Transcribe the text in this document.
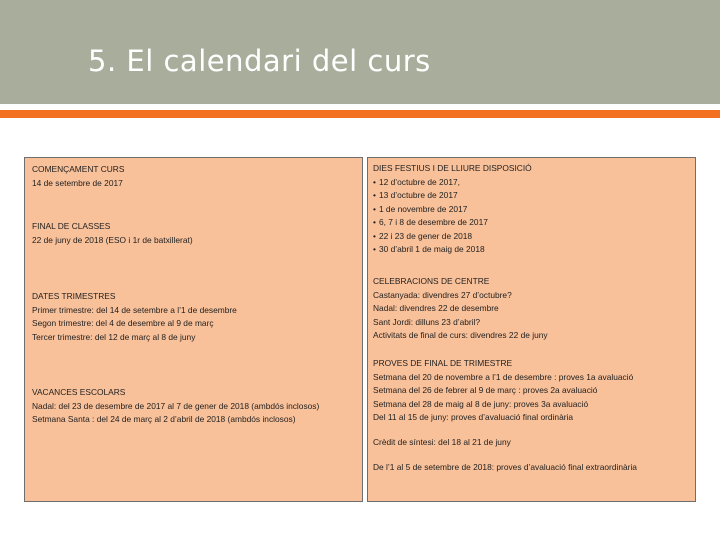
5. El calendari del curs
COMENÇAMENT CURS
14 de setembre de 2017
FINAL DE CLASSES
22 de juny de 2018 (ESO i 1r de batxillerat)
DATES TRIMESTRES
Primer trimestre: del 14 de setembre a l’1 de desembre
Segon trimestre: del 4 de desembre al 9 de març
Tercer trimestre: del 12 de març al 8 de juny
VACANCES ESCOLARS
Nadal: del 23 de desembre de 2017 al 7 de gener de 2018 (ambdós inclosos)
Setmana Santa : del 24 de març al 2 d’abril de 2018 (ambdós inclosos)
DIES FESTIUS I DE LLIURE DISPOSICIÓ
• 12 d’octubre de 2017,
• 13 d’octubre de 2017
• 1 de novembre de 2017
• 6, 7 i 8 de desembre de 2017
• 22 i 23 de gener de 2018
• 30 d’abril 1 de maig de 2018
CELEBRACIONS DE CENTRE
Castanyada: divendres 27 d’octubre?
Nadal: divendres 22 de desembre
Sant Jordi: dilluns 23 d’abril?
Activitats de final de curs: divendres 22 de juny
PROVES DE FINAL DE TRIMESTRE
Setmana del 20 de novembre a l’1 de desembre : proves 1a avaluació
Setmana del 26 de febrer al 9 de març : proves 2a avaluació
Setmana del 28 de maig al 8 de juny: proves 3a avaluació
Del 11 al 15 de juny: proves d’avaluació final ordinària
Crèdit de síntesi: del 18 al 21 de juny
De l’1 al 5 de setembre de 2018: proves d’avaluació final extraordinària
